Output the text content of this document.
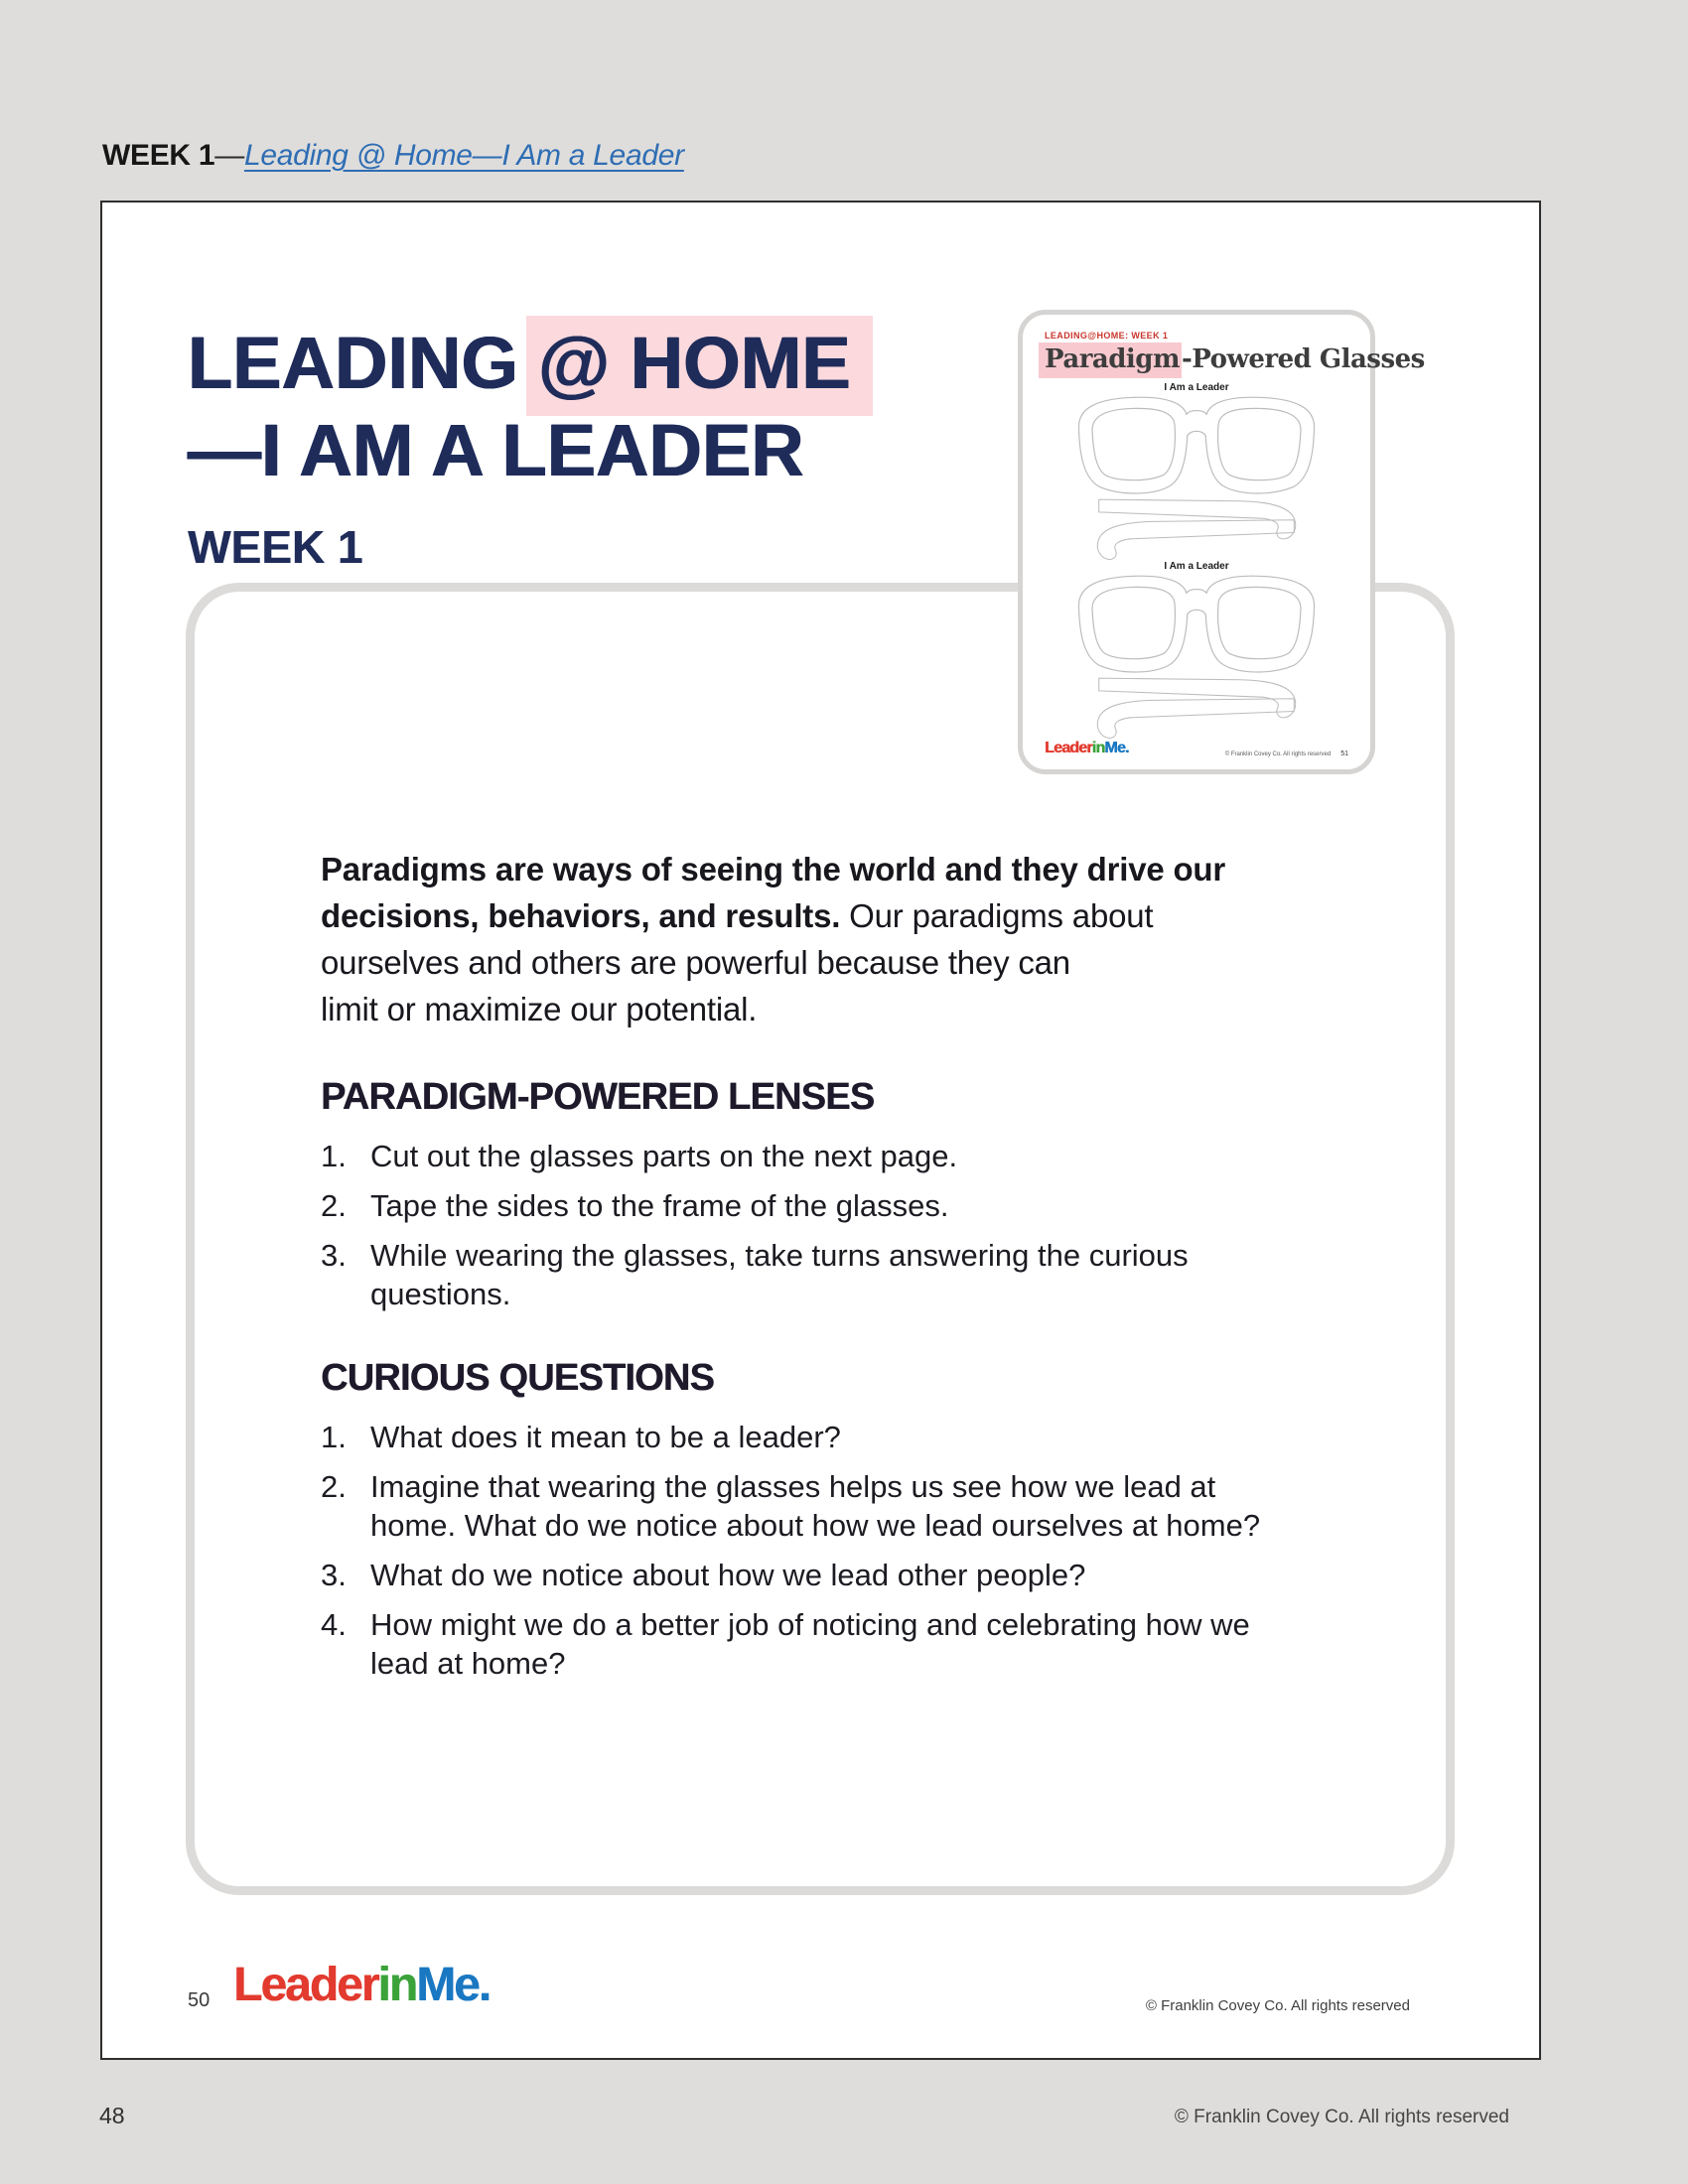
WEEK 1—Leading @ Home—I Am a Leader
LEADING @ HOME
—I AM A LEADER
WEEK 1
LEADING@HOME: WEEK 1
Paradigm-Powered Glasses
I Am a Leader
I Am a Leader
LeaderinMe.	© Franklin Covey Co. All rights reserved 51

Paradigms are ways of seeing the world and they drive our decisions, behaviors, and results. Our paradigms about ourselves and others are powerful because they can
limit or maximize our potential.

PARADIGM-POWERED LENSES
1. Cut out the glasses parts on the next page.
2. Tape the sides to the frame of the glasses.
3. While wearing the glasses, take turns answering the curious questions.
CURIOUS QUESTIONS
1. What does it mean to be a leader?
2. Imagine that wearing the glasses helps us see how we lead at home. What do we notice about how we lead ourselves at home?
3. What do we notice about how we lead other people?
4. How might we do a better job of noticing and celebrating how we lead at home?
50 LeaderinMe.	© Franklin Covey Co. All rights reserved
48	© Franklin Covey Co. All rights reserved
